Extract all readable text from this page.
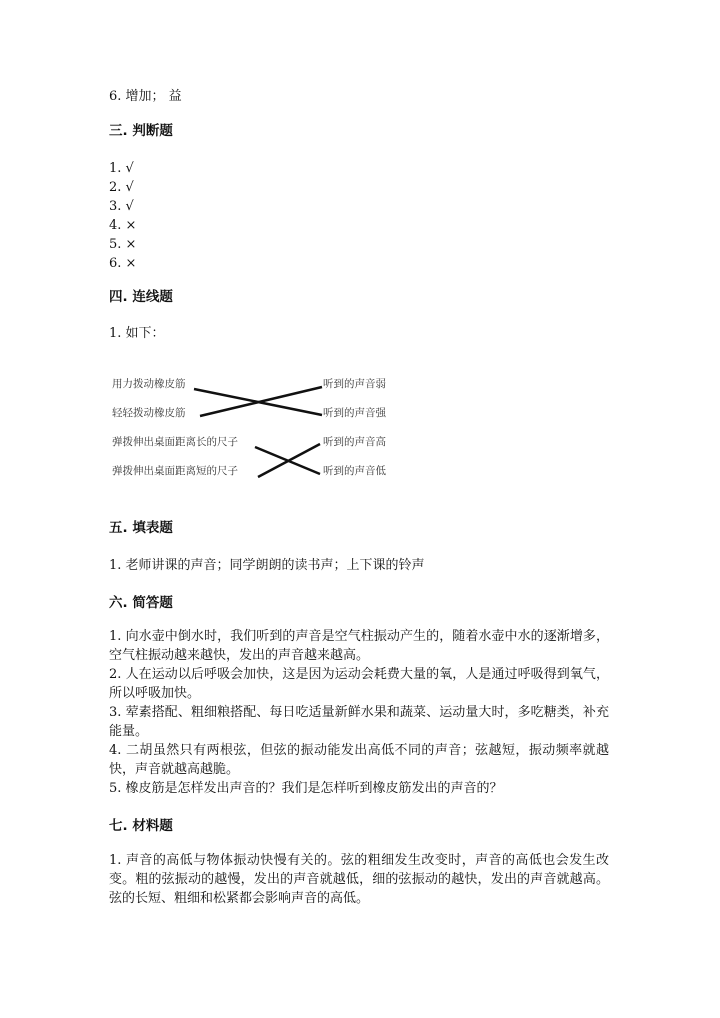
6. 增加； 益
三. 判断题
1. √
2. √
3. √
4. ×
5. ×
6. ×
四. 连线题
1. 如下：
用力拨动橡皮筋
轻轻拨动橡皮筋
弹拨伸出桌面距离长的尺子
弹拨伸出桌面距离短的尺子
听到的声音弱
听到的声音强
听到的声音高
听到的声音低
五. 填表题
1. 老师讲课的声音；同学朗朗的读书声；上下课的铃声
六. 简答题
1. 向水壶中倒水时，我们听到的声音是空气柱振动产生的，随着水壶中水的逐渐增多，空气柱振动越来越快，发出的声音越来越高。
2. 人在运动以后呼吸会加快，这是因为运动会耗费大量的氧，人是通过呼吸得到氧气，所以呼吸加快。
3. 荤素搭配、粗细粮搭配、每日吃适量新鲜水果和蔬菜、运动量大时，多吃糖类，补充能量。
4. 二胡虽然只有两根弦，但弦的振动能发出高低不同的声音；弦越短，振动频率就越快，声音就越高越脆。
5. 橡皮筋是怎样发出声音的？我们是怎样听到橡皮筋发出的声音的？
七. 材料题
1. 声音的高低与物体振动快慢有关的。弦的粗细发生改变时，声音的高低也会发生改变。粗的弦振动的越慢，发出的声音就越低，细的弦振动的越快，发出的声音就越高。弦的长短、粗细和松紧都会影响声音的高低。
